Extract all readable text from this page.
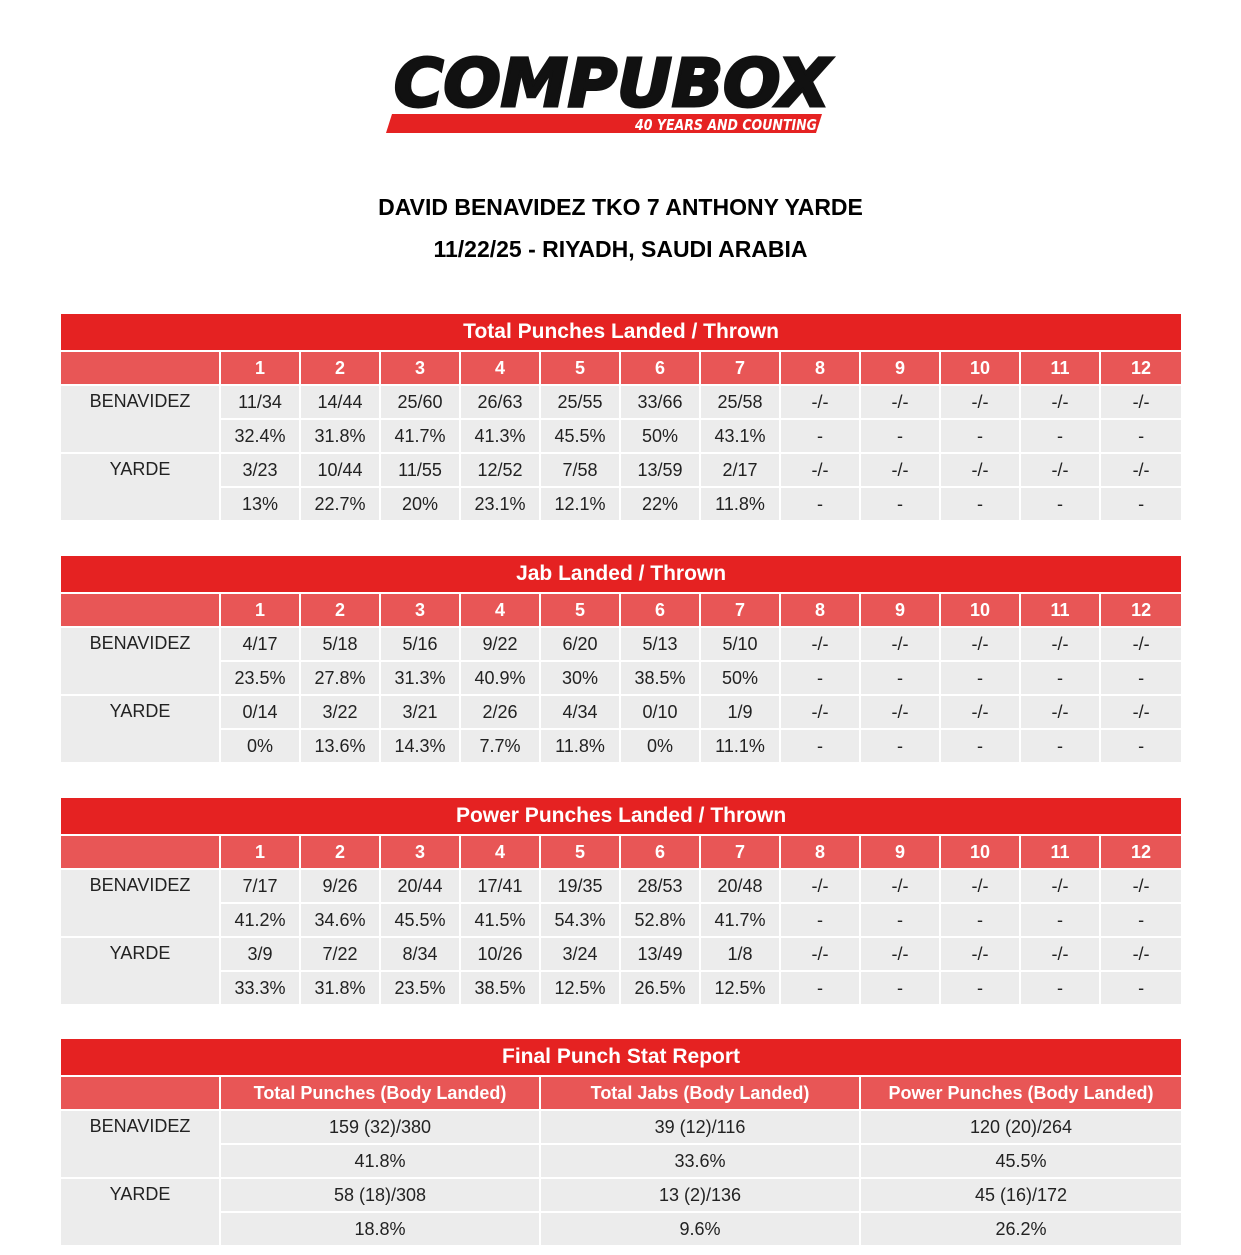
COMPUBOX
40 YEARS AND COUNTING
DAVID BENAVIDEZ TKO 7 ANTHONY YARDE
11/22/25 - RIYADH, SAUDI ARABIA
Total Punches Landed / Thrown												
	1	2	3	4	5	6	7	8	9	10	11	12
BENAVIDEZ	11/34	14/44	25/60	26/63	25/55	33/66	25/58	-/-	-/-	-/-	-/-	-/-
	32.4%	31.8%	41.7%	41.3%	45.5%	50%	43.1%	-	-	-	-	-
YARDE	3/23	10/44	11/55	12/52	7/58	13/59	2/17	-/-	-/-	-/-	-/-	-/-
	13%	22.7%	20%	23.1%	12.1%	22%	11.8%	-	-	-	-	-
Jab Landed / Thrown												
	1	2	3	4	5	6	7	8	9	10	11	12
BENAVIDEZ	4/17	5/18	5/16	9/22	6/20	5/13	5/10	-/-	-/-	-/-	-/-	-/-
	23.5%	27.8%	31.3%	40.9%	30%	38.5%	50%	-	-	-	-	-
YARDE	0/14	3/22	3/21	2/26	4/34	0/10	1/9	-/-	-/-	-/-	-/-	-/-
	0%	13.6%	14.3%	7.7%	11.8%	0%	11.1%	-	-	-	-	-
Power Punches Landed / Thrown												
	1	2	3	4	5	6	7	8	9	10	11	12
BENAVIDEZ	7/17	9/26	20/44	17/41	19/35	28/53	20/48	-/-	-/-	-/-	-/-	-/-
	41.2%	34.6%	45.5%	41.5%	54.3%	52.8%	41.7%	-	-	-	-	-
YARDE	3/9	7/22	8/34	10/26	3/24	13/49	1/8	-/-	-/-	-/-	-/-	-/-
	33.3%	31.8%	23.5%	38.5%	12.5%	26.5%	12.5%	-	-	-	-	-
Final Punch Stat Report			
	Total Punches (Body Landed)	Total Jabs (Body Landed)	Power Punches (Body Landed)
BENAVIDEZ	159 (32)/380	39 (12)/116	120 (20)/264
	41.8%	33.6%	45.5%
YARDE	58 (18)/308	13 (2)/136	45 (16)/172
	18.8%	9.6%	26.2%
